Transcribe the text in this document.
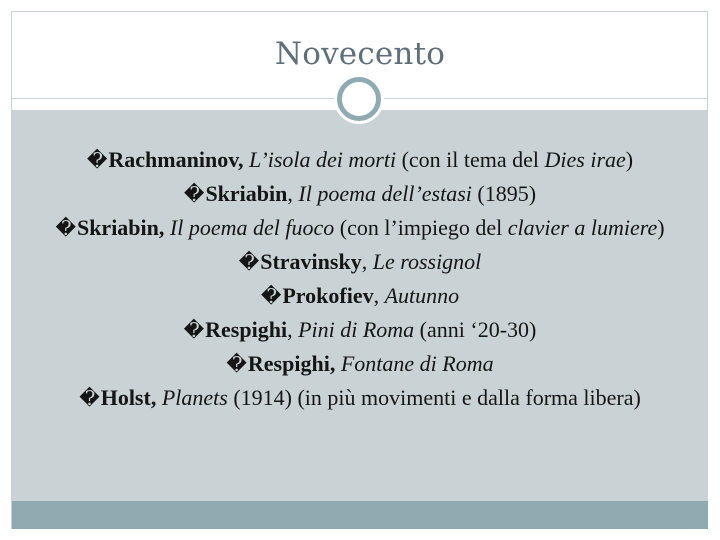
Novecento
�Rachmaninov, L’isola dei morti (con il tema del Dies irae)
�Skriabin, Il poema dell’estasi (1895)
�Skriabin, Il poema del fuoco (con l’impiego del clavier a lumiere)
�Stravinsky, Le rossignol
�Prokofiev, Autunno
�Respighi, Pini di Roma (anni ‘20-30)
�Respighi, Fontane di Roma
�Holst, Planets (1914) (in più movimenti e dalla forma libera)
